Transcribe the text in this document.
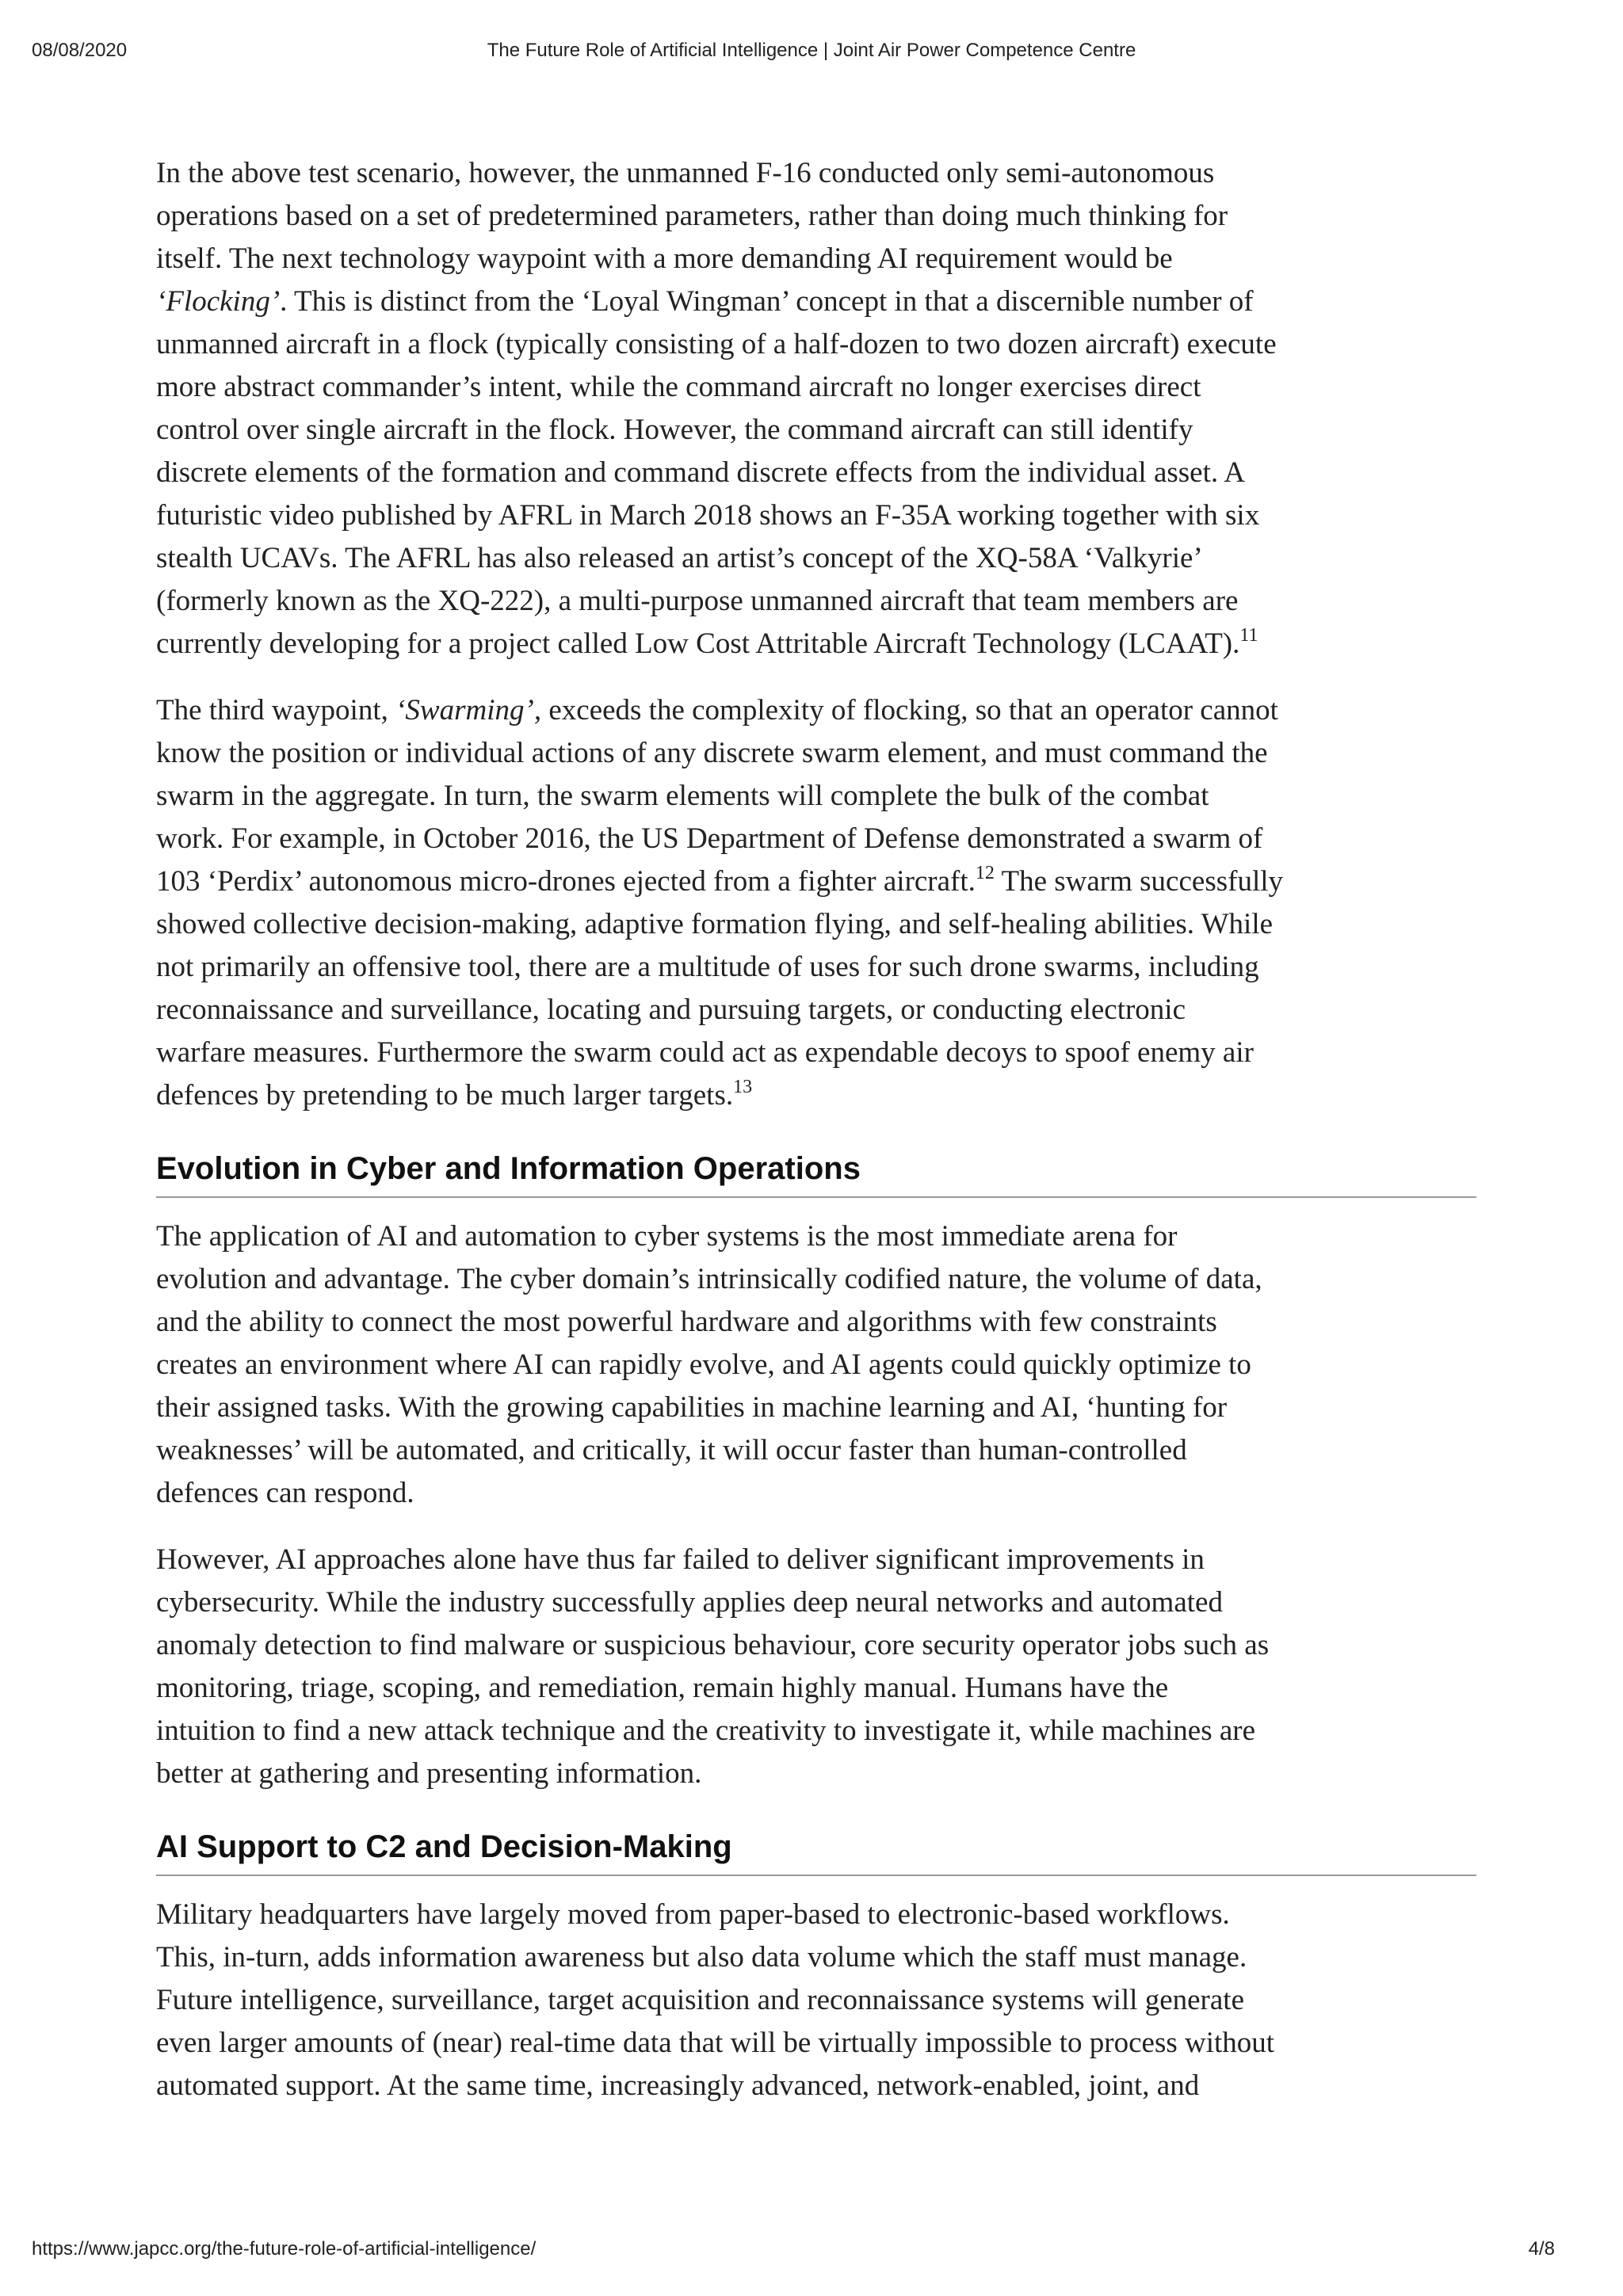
08/08/2020	The Future Role of Artificial Intelligence | Joint Air Power Competence Centre

In the above test scenario, however, the unmanned F-16 conducted only semi-autonomous
operations based on a set of predetermined parameters, rather than doing much thinking for
itself. The next technology waypoint with a more demanding AI requirement would be
‘Flocking’. This is distinct from the ‘Loyal Wingman’ concept in that a discernible number of
unmanned aircraft in a flock (typically consisting of a half-dozen to two dozen aircraft) execute
more abstract commander’s intent, while the command aircraft no longer exercises direct
control over single aircraft in the flock. However, the command aircraft can still identify
discrete elements of the formation and command discrete effects from the individual asset. A
futuristic video published by AFRL in March 2018 shows an F-35A working together with six
stealth UCAVs. The AFRL has also released an artist’s concept of the XQ-58A ‘Valkyrie’
(formerly known as the XQ-222), a multi-purpose unmanned aircraft that team members are
currently developing for a project called Low Cost Attritable Aircraft Technology (LCAAT).$^{11}$

The third waypoint, ‘Swarming’, exceeds the complexity of flocking, so that an operator cannot
know the position or individual actions of any discrete swarm element, and must command the
swarm in the aggregate. In turn, the swarm elements will complete the bulk of the combat
work. For example, in October 2016, the US Department of Defense demonstrated a swarm of
103 ‘Perdix’ autonomous micro-drones ejected from a fighter aircraft.$^{12}$ The swarm successfully
showed collective decision-making, adaptive formation flying, and self-healing abilities. While
not primarily an offensive tool, there are a multitude of uses for such drone swarms, including
reconnaissance and surveillance, locating and pursuing targets, or conducting electronic
warfare measures. Furthermore the swarm could act as expendable decoys to spoof enemy air
defences by pretending to be much larger targets.$^{13}$

Evolution in Cyber and Information Operations

The application of AI and automation to cyber systems is the most immediate arena for
evolution and advantage. The cyber domain’s intrinsically codified nature, the volume of data,
and the ability to connect the most powerful hardware and algorithms with few constraints
creates an environment where AI can rapidly evolve, and AI agents could quickly optimize to
their assigned tasks. With the growing capabilities in machine learning and AI, ‘hunting for
weaknesses’ will be automated, and critically, it will occur faster than human-controlled
defences can respond.

However, AI approaches alone have thus far failed to deliver significant improvements in
cybersecurity. While the industry successfully applies deep neural networks and automated
anomaly detection to find malware or suspicious behaviour, core security operator jobs such as
monitoring, triage, scoping, and remediation, remain highly manual. Humans have the
intuition to find a new attack technique and the creativity to investigate it, while machines are
better at gathering and presenting information.

AI Support to C2 and Decision-Making

Military headquarters have largely moved from paper-based to electronic-based workflows.
This, in-turn, adds information awareness but also data volume which the staff must manage.
Future intelligence, surveillance, target acquisition and reconnaissance systems will generate
even larger amounts of (near) real-time data that will be virtually impossible to process without
automated support. At the same time, increasingly advanced, network-enabled, joint, and

https://www.japcc.org/the-future-role-of-artificial-intelligence/	4/8
